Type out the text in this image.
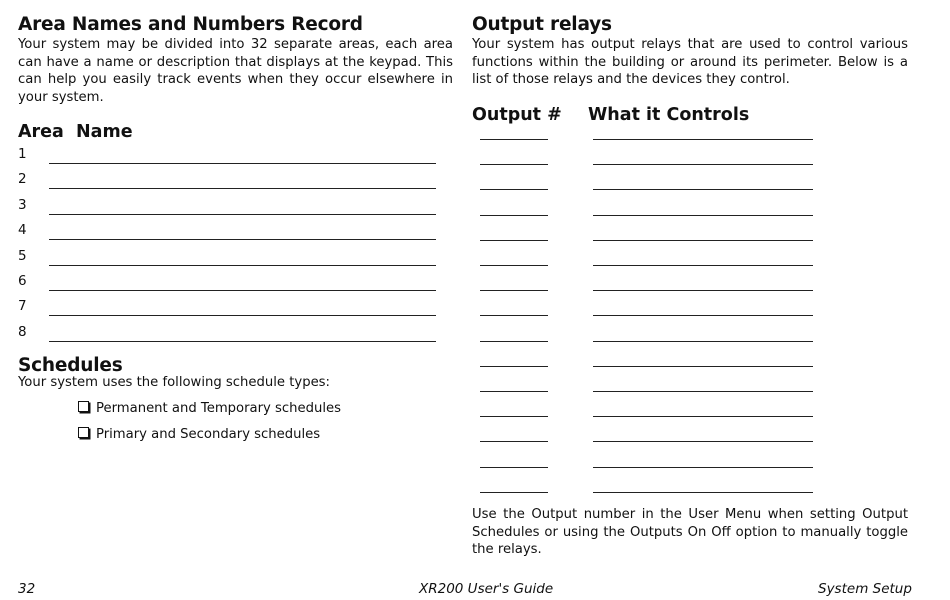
Area Names and Numbers Record

Your system may be divided into 32 separate areas, each area can have a name or description that displays at the keypad. This can help you easily track events when they occur elsewhere in your system.

Area Name
1
2
3
4
5
6
7
8
Schedules
Your system uses the following schedule types:
Permanent and Temporary schedules
Primary and Secondary schedules
Output relays

Your system has output relays that are used to control various functions within the building or around its perimeter. Below is a list of those relays and the devices they control.

Output # What it Controls

Use the Output number in the User Menu when setting Output Schedules or using the Outputs On Off option to manually toggle the relays.

32	XR200 User's Guide	System Setup
